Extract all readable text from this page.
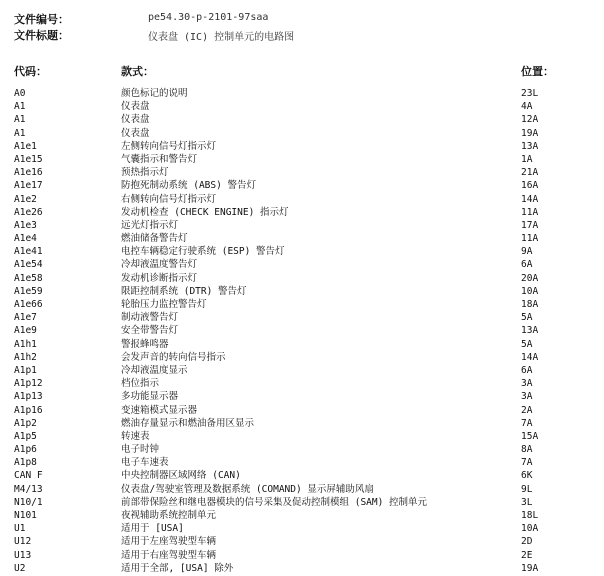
文件编号：	pe54.30-p-2101-97saa
文件标题：	仪表盘 (IC) 控制单元的电路图
代码：	款式：	位置：
A0	颜色标记的说明	23L
A1	仪表盘	4A
A1	仪表盘	12A
A1	仪表盘	19A
A1e1	左侧转向信号灯指示灯	13A
A1e15	气囊指示和警告灯	1A
A1e16	预热指示灯	21A
A1e17	防抱死制动系统 (ABS) 警告灯	16A
A1e2	右侧转向信号灯指示灯	14A
A1e26	发动机检查 (CHECK ENGINE) 指示灯	11A
A1e3	远光灯指示灯	17A
A1e4	燃油储备警告灯	11A
A1e41	电控车辆稳定行驶系统 (ESP) 警告灯	9A
A1e54	冷却液温度警告灯	6A
A1e58	发动机诊断指示灯	20A
A1e59	限距控制系统 (DTR) 警告灯	10A
A1e66	轮胎压力监控警告灯	18A
A1e7	制动液警告灯	5A
A1e9	安全带警告灯	13A
A1h1	警报蜂鸣器	5A
A1h2	会发声音的转向信号指示	14A
A1p1	冷却液温度显示	6A
A1p12	档位指示	3A
A1p13	多功能显示器	3A
A1p16	变速箱模式显示器	2A
A1p2	燃油存量显示和燃油备用区显示	7A
A1p5	转速表	15A
A1p6	电子时钟	8A
A1p8	电子车速表	7A
CAN F	中央控制器区域网络 (CAN)	6K
M4/13	仪表盘/驾驶室管理及数据系统 (COMAND) 显示屏辅助风扇	9L
N10/1	前部带保险丝和继电器模块的信号采集及促动控制模组 (SAM) 控制单元	3L
N101	夜视辅助系统控制单元	18L
U1	适用于 [USA]	10A
U12	适用于左座驾驶型车辆	2D
U13	适用于右座驾驶型车辆	2E
U2	适用于全部, [USA] 除外	19A
